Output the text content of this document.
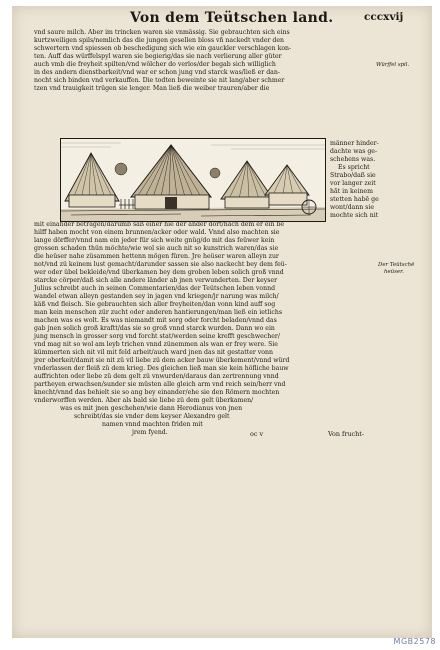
Von dem Teütschen land.	cccxvij
vnd saure milch. Aber im trincken waren sie vnmässig. Sie gebrauchten sich eins
kurtzweiligen spils/nemlich das die jungen gesellen bloss vñ nackedt vnder den
schwertern vnd spiessen ob beschedigung sich wie ein gauckler verschlagen kon-
ten. Auff das würffelspyl waren sie begierig/das sie nach verlierung aller güter
auch vmb die freyheit spilten/vnd wölcher do verlos/der begab sich williglich
in des andern dienstbarkeit/vnd war er schon jung vnd starck was/ließ er dan-
nocht sich binden vnd verkauffen. Die todten beweinte sie nit lang/aber schmer
tzen vnd trauigkeit trügen sie lenger. Man ließ die weiber trauren/aber die
Würffel spil.
männer hinder-
dachte was ge-
schehens was.
Es spricht
Strabo/daß sie
vor langer zeit
hãt in keinem
stetten habē ge
wont/dann sie
mochte sich nit
mit einander betragen/darumb saß einer hie der ander dort/nach dem er ein be
hilff haben mocht von einem brunnen/acker oder wald. Vnnd also machten sie
lange dörffer/vnnd nam ein jeder für sich weite gnüg/do mit das feüwer kein
grossen schaden thün möchte/wie wol sie auch nit so kunstrich waren/das sie
die heüser nahe züsammen hettenn mögen füren. Jre heüser waren alleyn zur
not/vnd zü keinem lust gemacht/darunder sassen sie also nackecht bey dem feü-
wer oder übel bekleide/vnd überkamen bey dem groben leben solich groß vnnd
starcke cörper/daß sich alle andere länder ab jnen verwunderten. Der keyser
Julius schreibt auch in seinen Commentarien/das der Teütschen leben vonnd
wandel etwan alleyn gestanden sey in jagen vnd kriegen/jr narung was milch/
käß vnd fleisch. Sie gebrauchten sich aller freyheiten/dan vonn kind auff sog
man kein menschen zür zucht oder anderen hantierungen/man ließ ein ietlichs
machen was es wolt. Es was niemandt mit sorg oder forcht beladen/vnnd das
gab jnen solich groß kraftt/das sie so groß vnnd starck wurden. Dann wo ein
jung mensch in grosser sorg vnd forcht stat/werden seine krefft geschwecher/
vnd mag nit so wol am leyb trichen vnnd zünemmen als wan er frey were. Sie
kümmerten sich nit vil mit feld arbeit/auch ward jnen das nit gestatter vonn
jrer oberkeit/damit sie nit zü vil liebe zü dem acker bauw überkement/vnnd würd
vnderlassen der fleiß zü dem krieg. Des gleichen ließ man sie kein höfliche bauw
auffrichten oder liebe zü dem gelt zü vnwurden/daraus dan zertrennung vnnd
partheyen erwachsen/sunder sie müsten alle gleich arm vnd reich sein/herr vnd
knecht/vnnd das behielt sie so ang bey einander/ehe sie den Römern mochten
vnderworffen werden. Aber als bald sie liebe zü dem gelt überkamen/
was es mit jnen geschehen/wie dann Herodianus von jnen
schreibt/das sie vnder dem keyser Alexandro gelt
namen vnnd machten friden mit
jrem fyend.
Der Teütschē
heüser.
oc v	Von frucht-
MGB2578
